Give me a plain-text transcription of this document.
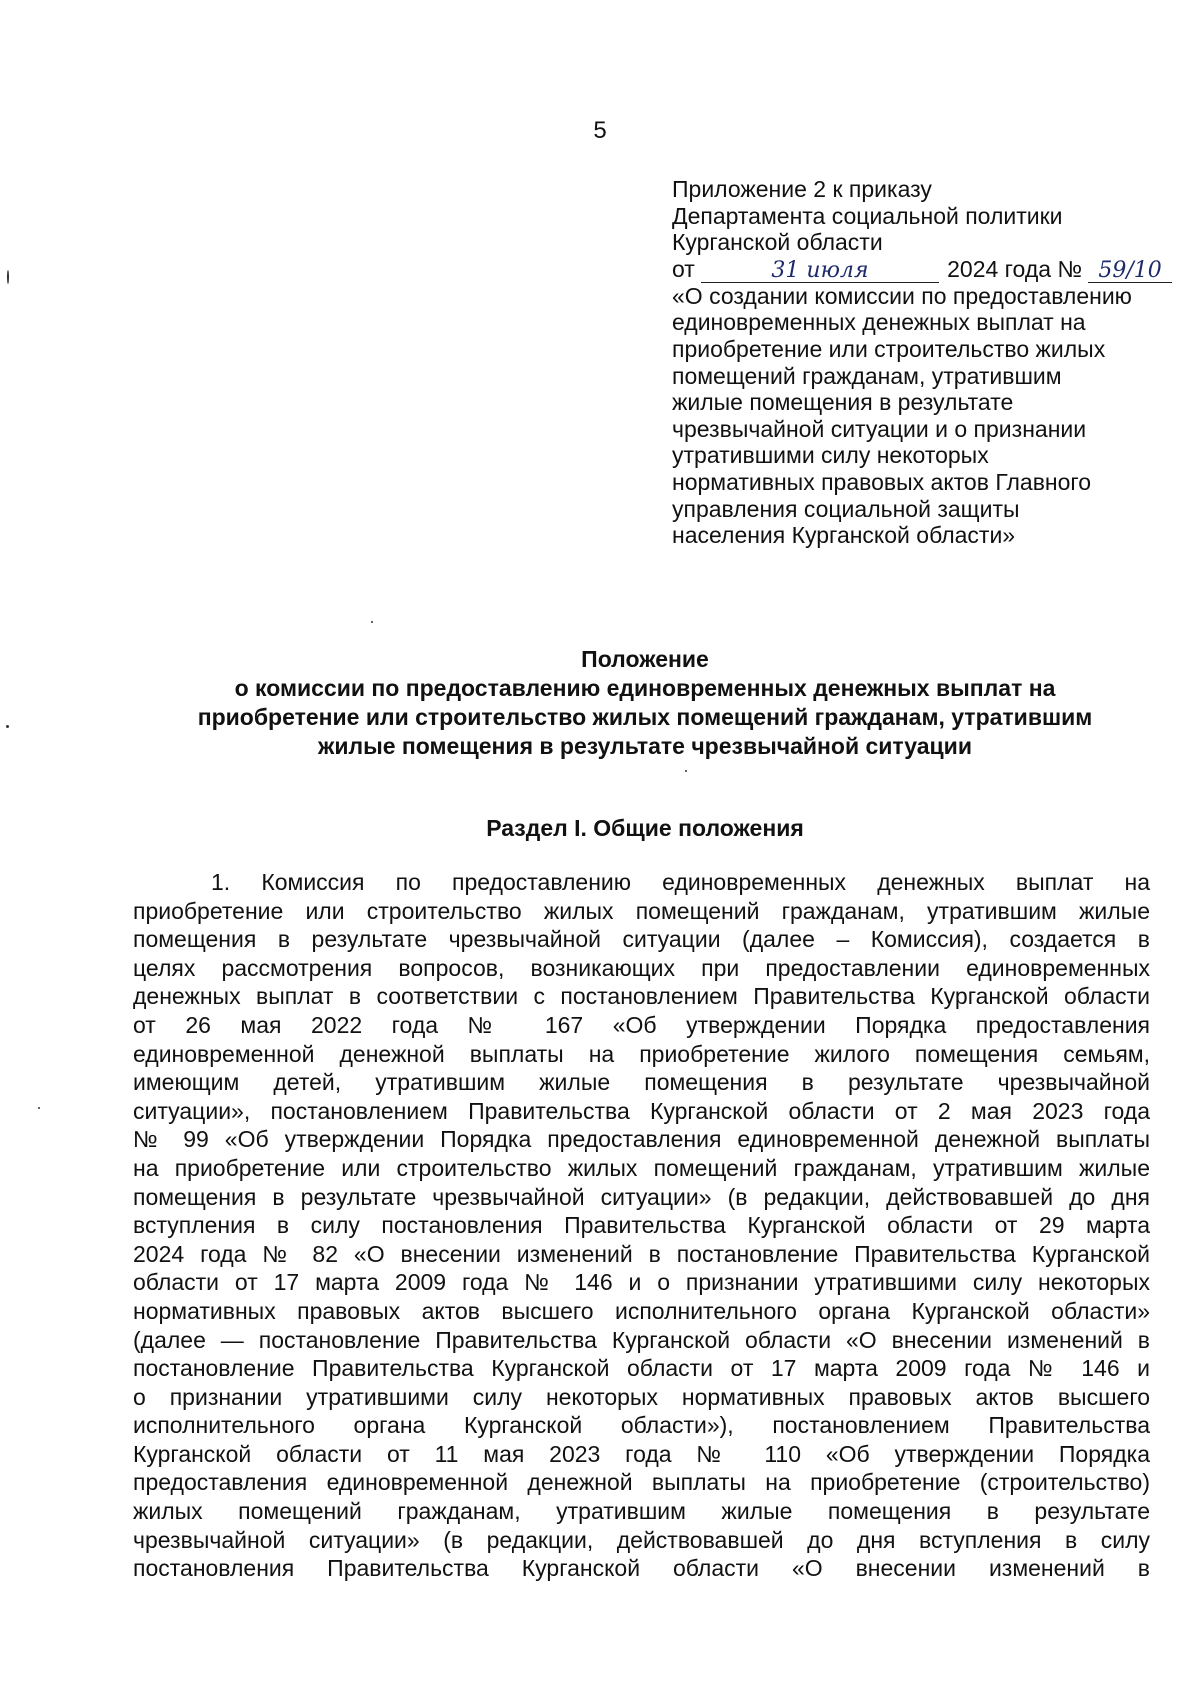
5
Приложение 2 к приказу
Департамента социальной политики
Курганской области
от	31 июля	2024 года № 59/10
«О создании комиссии по предоставлению
единовременных денежных выплат на
приобретение или строительство жилых
помещений гражданам, утратившим
жилые помещения в результате
чрезвычайной ситуации и о признании
утратившими силу некоторых
нормативных правовых актов Главного
управления социальной защиты
населения Курганской области»
Положение
о комиссии по предоставлению единовременных денежных выплат на
приобретение или строительство жилых помещений гражданам, утратившим
жилые помещения в результате чрезвычайной ситуации
Раздел I. Общие положения
1. Комиссия по предоставлению единовременных денежных выплат на
приобретение или строительство жилых помещений гражданам, утратившим жилые
помещения в результате чрезвычайной ситуации (далее – Комиссия), создается в
целях рассмотрения вопросов, возникающих при предоставлении единовременных
денежных выплат в соответствии с постановлением Правительства Курганской области
от 26 мая 2022 года № 167 «Об утверждении Порядка предоставления
единовременной денежной выплаты на приобретение жилого помещения семьям,
имеющим детей, утратившим жилые помещения в результате чрезвычайной
ситуации», постановлением Правительства Курганской области от 2 мая 2023 года
№ 99 «Об утверждении Порядка предоставления единовременной денежной выплаты
на приобретение или строительство жилых помещений гражданам, утратившим жилые
помещения в результате чрезвычайной ситуации» (в редакции, действовавшей до дня
вступления в силу постановления Правительства Курганской области от 29 марта
2024 года № 82 «О внесении изменений в постановление Правительства Курганской
области от 17 марта 2009 года № 146 и о признании утратившими силу некоторых
нормативных правовых актов высшего исполнительного органа Курганской области»
(далее — постановление Правительства Курганской области «О внесении изменений в
постановление Правительства Курганской области от 17 марта 2009 года № 146 и
о признании утратившими силу некоторых нормативных правовых актов высшего
исполнительного органа Курганской области»), постановлением Правительства
Курганской области от 11 мая 2023 года № 110 «Об утверждении Порядка
предоставления единовременной денежной выплаты на приобретение (строительство)
жилых помещений гражданам, утратившим жилые помещения в результате
чрезвычайной ситуации» (в редакции, действовавшей до дня вступления в силу
постановления Правительства Курганской области «О внесении изменений в
